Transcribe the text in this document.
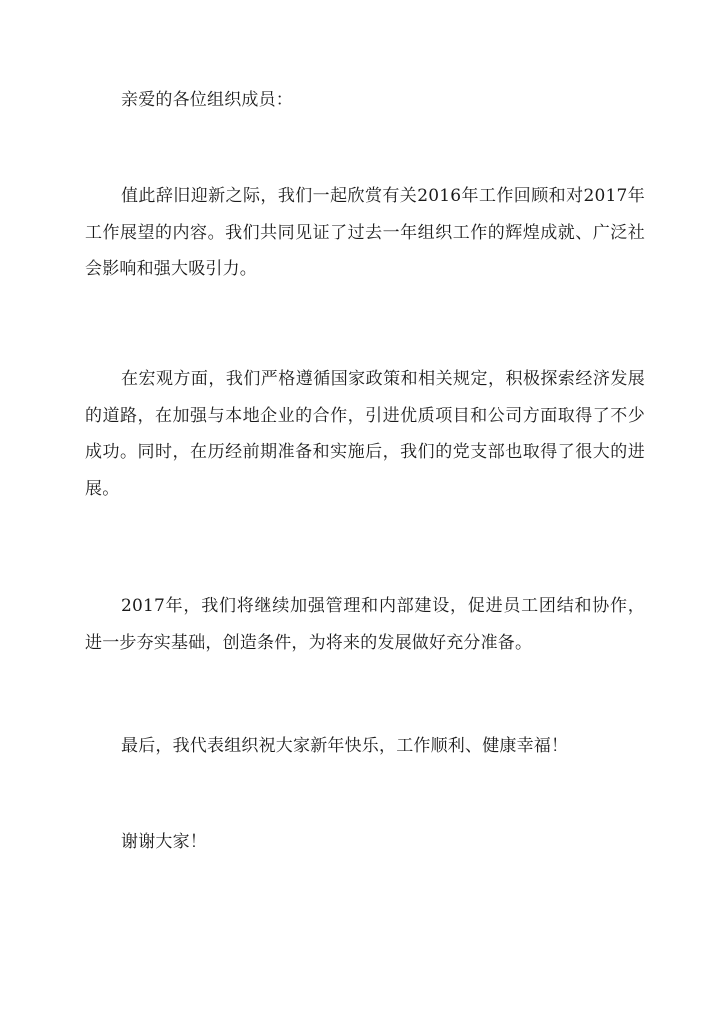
亲爱的各位组织成员：

值此辞旧迎新之际，我们一起欣赏有关2016年工作回顾和对2017年工作展望的内容。我们共同见证了过去一年组织工作的辉煌成就、广泛社会影响和强大吸引力。

在宏观方面，我们严格遵循国家政策和相关规定，积极探索经济发展的道路，在加强与本地企业的合作，引进优质项目和公司方面取得了不少成功。同时，在历经前期准备和实施后，我们的党支部也取得了很大的进展。

2017年，我们将继续加强管理和内部建设，促进员工团结和协作，进一步夯实基础，创造条件，为将来的发展做好充分准备。

最后，我代表组织祝大家新年快乐，工作顺利、健康幸福！

谢谢大家！
